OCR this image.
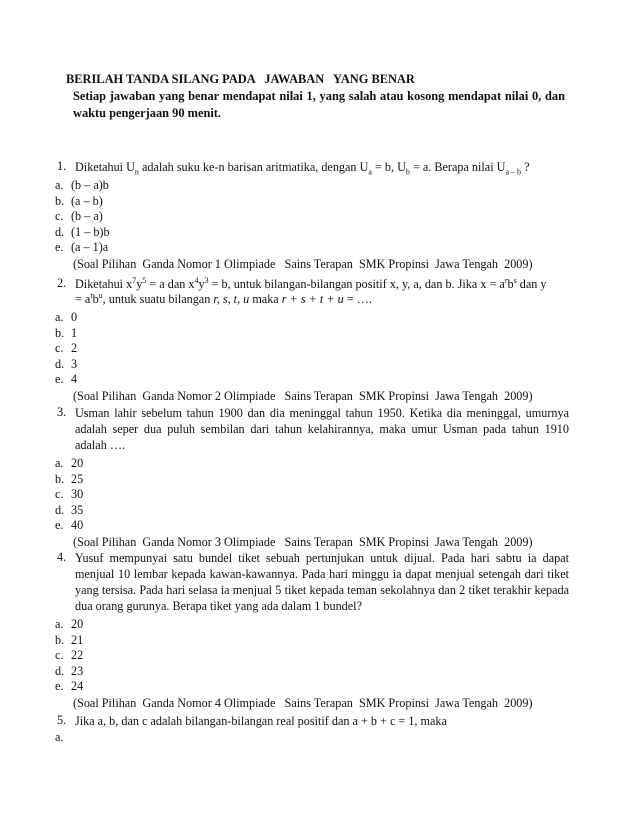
BERILAH TANDA SILANG PADA   JAWABAN   YANG BENAR
Setiap jawaban yang benar mendapat nilai 1, yang salah atau kosong mendapat nilai 0, dan waktu pengerjaan 90 menit.
1. Diketahui $U_n$ adalah suku ke-n barisan aritmatika, dengan $U_a = b$, $U_b = a$. Berapa nilai $U_{a - b}$ ?
a. (b – a)b
b. (a – b)
c. (b – a)
d. (1 – b)b
e. (a – 1)a
(Soal Pilihan  Ganda Nomor 1 Olimpiade   Sains Terapan  SMK Propinsi  Jawa Tengah  2009)
2. Diketahui $x^7y^5 = a$ dan $x^4y^3 = b$, untuk bilangan-bilangan positif x, y, a, dan b. Jika $x = a^rb^s$ dan y
= $a^tb^u$, untuk suatu bilangan r, s, t, u maka r + s + t + u = ….
a. 0
b. 1
c. 2
d. 3
e. 4
(Soal Pilihan  Ganda Nomor 2 Olimpiade   Sains Terapan  SMK Propinsi  Jawa Tengah  2009)
3. Usman lahir sebelum tahun 1900 dan dia meninggal tahun 1950. Ketika dia meninggal, umurnya adalah seper dua puluh sembilan dari tahun kelahirannya, maka umur Usman pada tahun 1910 adalah ….
a. 20
b. 25
c. 30
d. 35
e. 40
(Soal Pilihan  Ganda Nomor 3 Olimpiade   Sains Terapan  SMK Propinsi  Jawa Tengah  2009)
4. Yusuf mempunyai satu bundel tiket sebuah pertunjukan untuk dijual. Pada hari sabtu ia dapat menjual 10 lembar kepada kawan-kawannya. Pada hari minggu ia dapat menjual setengah dari tiket yang tersisa. Pada hari selasa ia menjual 5 tiket kepada teman sekolahnya dan 2 tiket terakhir kepada dua orang gurunya. Berapa tiket yang ada dalam 1 bundel?
a. 20
b. 21
c. 22
d. 23
e. 24
(Soal Pilihan  Ganda Nomor 4 Olimpiade   Sains Terapan  SMK Propinsi  Jawa Tengah  2009)
5. Jika a, b, dan c adalah bilangan-bilangan real positif dan a + b + c = 1, maka
a.
